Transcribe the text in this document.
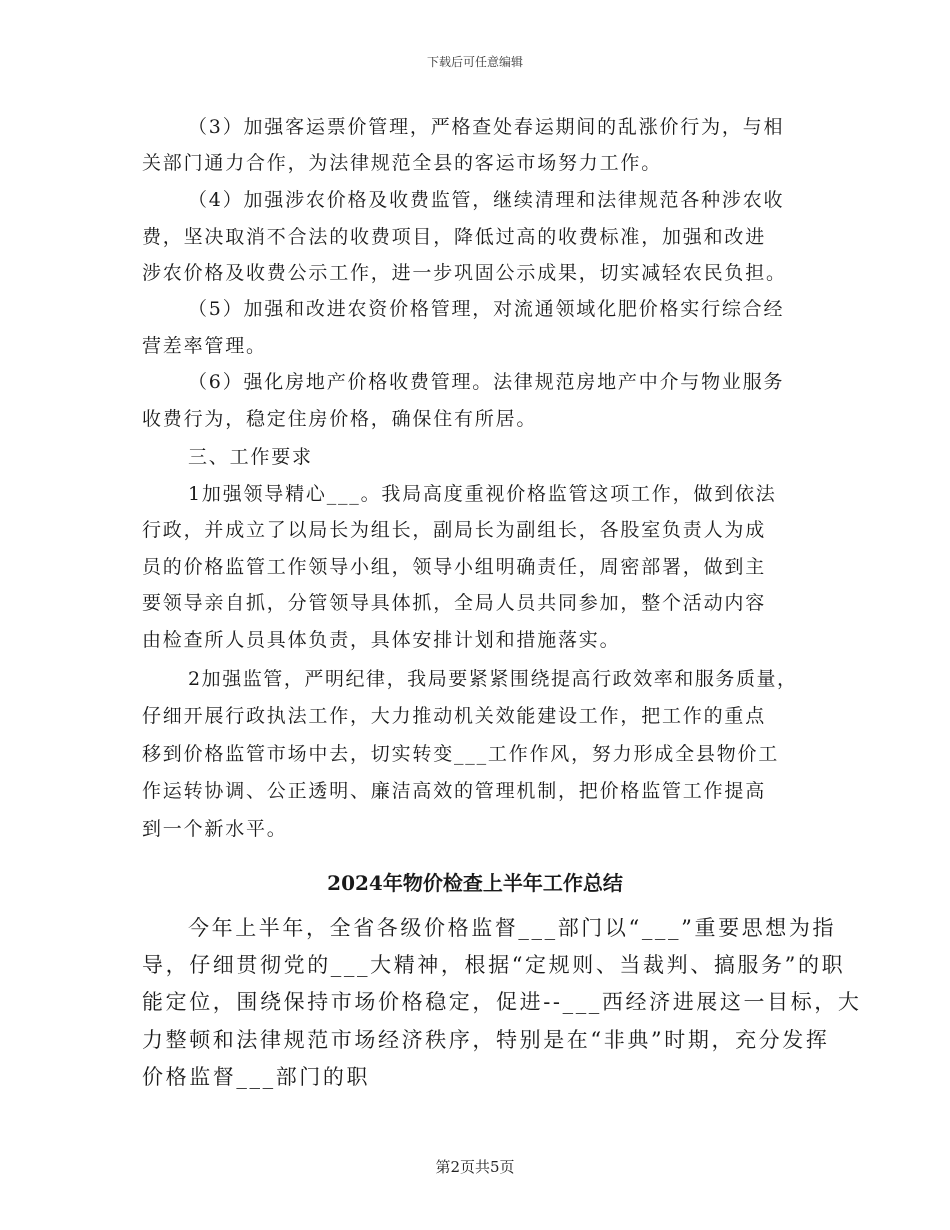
下载后可任意编辑
（3）加强客运票价管理，严格查处春运期间的乱涨价行为，与相
关部门通力合作，为法律规范全县的客运市场努力工作。
（4）加强涉农价格及收费监管，继续清理和法律规范各种涉农收
费，坚决取消不合法的收费项目，降低过高的收费标准，加强和改进
涉农价格及收费公示工作，进一步巩固公示成果，切实减轻农民负担。
（5）加强和改进农资价格管理，对流通领域化肥价格实行综合经
营差率管理。
（6）强化房地产价格收费管理。法律规范房地产中介与物业服务
收费行为，稳定住房价格，确保住有所居。
三、工作要求
1加强领导精心___。我局高度重视价格监管这项工作，做到依法
行政，并成立了以局长为组长，副局长为副组长，各股室负责人为成
员的价格监管工作领导小组，领导小组明确责任，周密部署，做到主
要领导亲自抓，分管领导具体抓，全局人员共同参加，整个活动内容
由检查所人员具体负责，具体安排计划和措施落实。
2加强监管，严明纪律，我局要紧紧围绕提高行政效率和服务质量，
仔细开展行政执法工作，大力推动机关效能建设工作，把工作的重点
移到价格监管市场中去，切实转变___工作作风，努力形成全县物价工
作运转协调、公正透明、廉洁高效的管理机制，把价格监管工作提高
到一个新水平。
2024年物价检查上半年工作总结
今年上半年，全省各级价格监督___部门以“___”重要思想为指
导，仔细贯彻党的___大精神，根据“定规则、当裁判、搞服务”的职
能定位，围绕保持市场价格稳定，促进--___西经济进展这一目标，大
力整顿和法律规范市场经济秩序，特别是在“非典”时期，充分发挥
价格监督___部门的职
第2页共5页
